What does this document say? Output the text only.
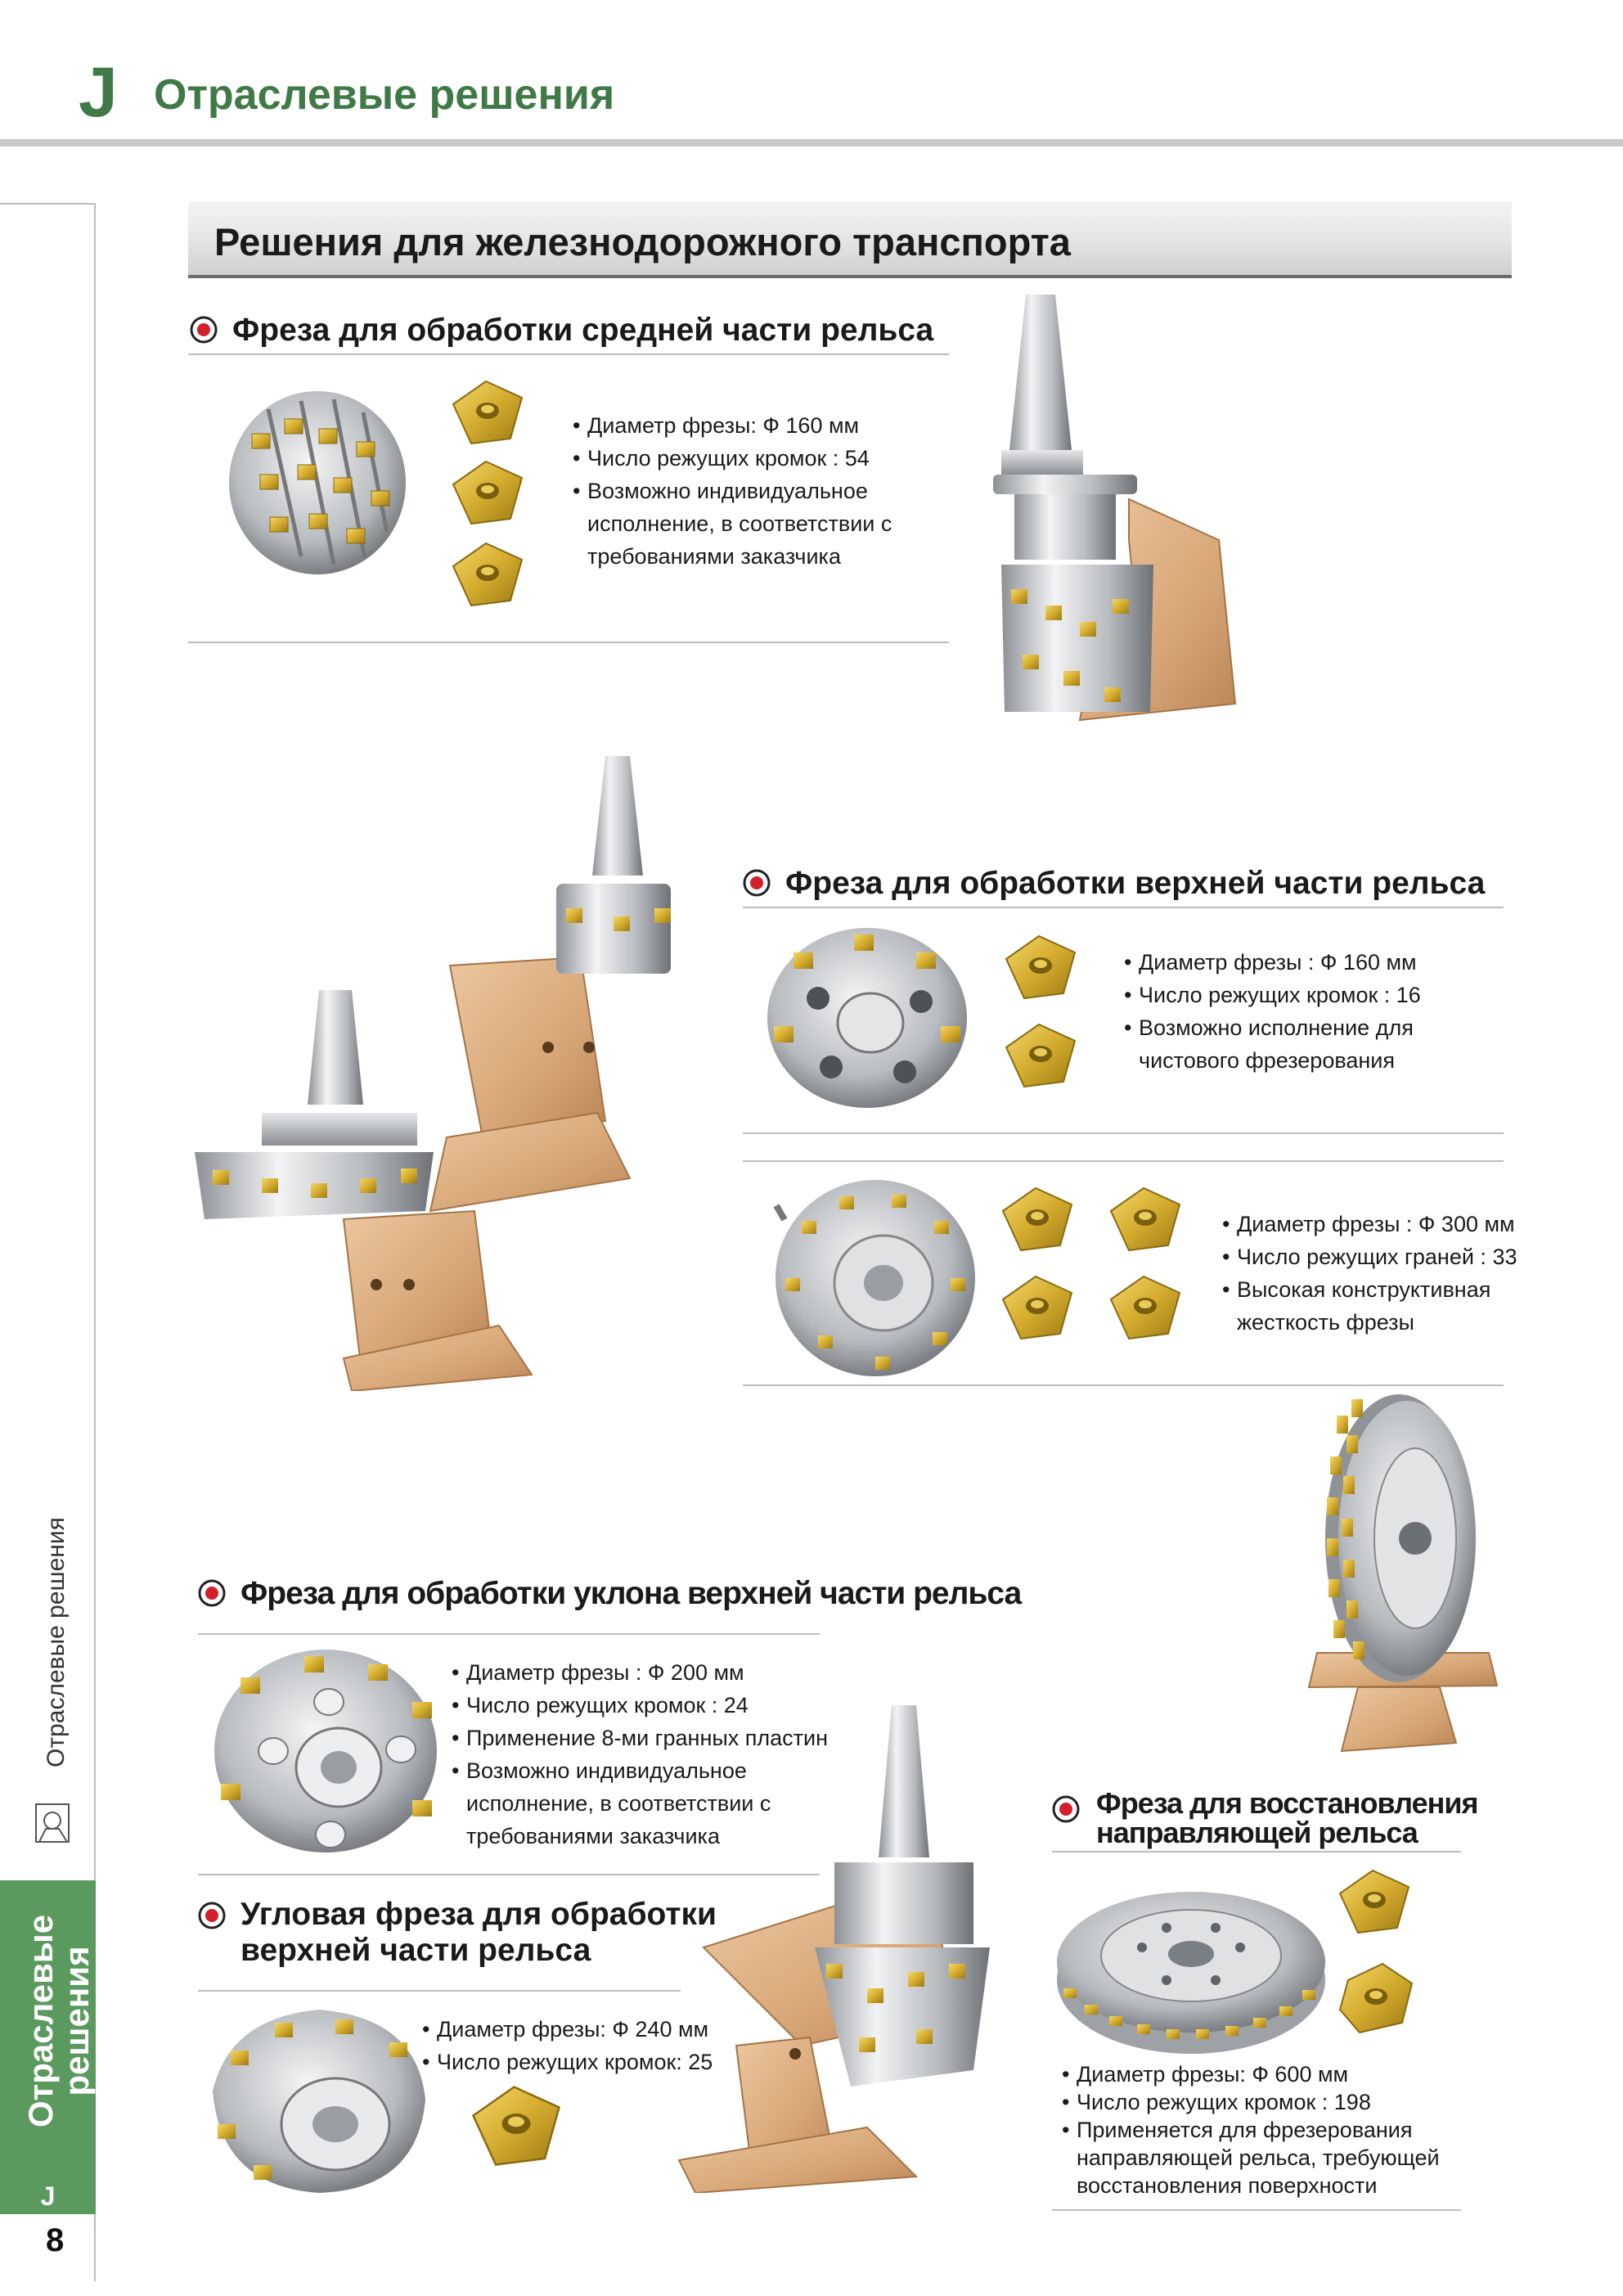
J Отраслевые решения
Отраслевые решения
Отраслевые
решения
J
8
Решения для железнодорожного транспорта
Фреза для обработки средней части рельса
• Диаметр фрезы: Ф 160 мм
• Число режущих кромок : 54
• Возможно индивидуальное исполнение, в соответствии с требованиями заказчика
Фреза для обработки верхней части рельса
• Диаметр фрезы : Ф 160 мм
• Число режущих кромок : 16
• Возможно исполнение для чистового фрезерования
• Диаметр фрезы : Ф 300 мм
• Число режущих граней : 33
• Высокая конструктивная жесткость фрезы
Фреза для обработки уклона верхней части рельса
• Диаметр фрезы : Ф 200 мм
• Число режущих кромок : 24
• Применение 8-ми гранных пластин
• Возможно индивидуальное исполнение, в соответствии с требованиями заказчика
Угловая фреза для обработки
верхней части рельса
• Диаметр фрезы: Ф 240 мм
• Число режущих кромок: 25
Фреза для восстановления
направляющей рельса
• Диаметр фрезы: Ф 600 мм
• Число режущих кромок : 198
• Применяется для фрезерования направляющей рельса, требующей восстановления поверхности
